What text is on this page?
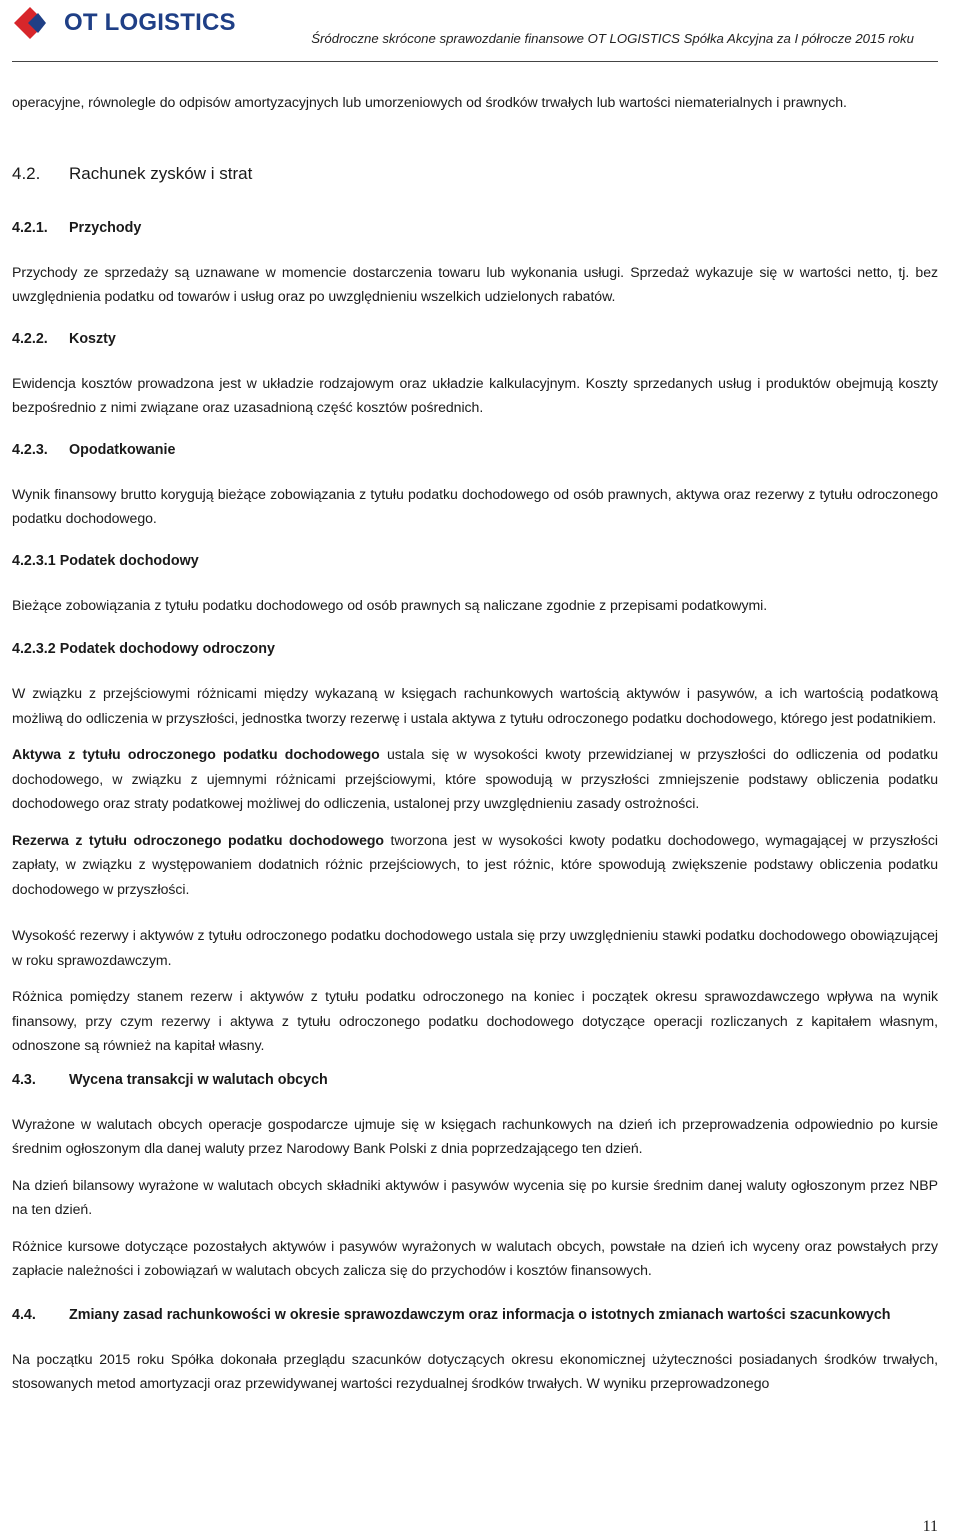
OT LOGISTICS
Śródroczne skrócone sprawozdanie finansowe OT LOGISTICS Spółka Akcyjna za I półrocze 2015 roku

operacyjne, równolegle do odpisów amortyzacyjnych lub umorzeniowych od środków trwałych lub wartości niematerialnych i prawnych.

4.2. Rachunek zysków i strat
4.2.1. Przychody

Przychody ze sprzedaży są uznawane w momencie dostarczenia towaru lub wykonania usługi. Sprzedaż wykazuje się w wartości netto, tj. bez uwzględnienia podatku od towarów i usług oraz po uwzględnieniu wszelkich udzielonych rabatów.

4.2.2. Koszty

Ewidencja kosztów prowadzona jest w układzie rodzajowym oraz układzie kalkulacyjnym. Koszty sprzedanych usług i produktów obejmują koszty bezpośrednio z nimi związane oraz uzasadnioną część kosztów pośrednich.

4.2.3. Opodatkowanie

Wynik finansowy brutto korygują bieżące zobowiązania z tytułu podatku dochodowego od osób prawnych, aktywa oraz rezerwy z tytułu odroczonego podatku dochodowego.

4.2.3.1 Podatek dochodowy

Bieżące zobowiązania z tytułu podatku dochodowego od osób prawnych są naliczane zgodnie z przepisami podatkowymi.

4.2.3.2 Podatek dochodowy odroczony

W związku z przejściowymi różnicami między wykazaną w księgach rachunkowych wartością aktywów i pasywów, a ich wartością podatkową możliwą do odliczenia w przyszłości, jednostka tworzy rezerwę i ustala aktywa z tytułu odroczonego podatku dochodowego, którego jest podatnikiem.

Aktywa z tytułu odroczonego podatku dochodowego ustala się w wysokości kwoty przewidzianej w przyszłości do odliczenia od podatku dochodowego, w związku z ujemnymi różnicami przejściowymi, które spowodują w przyszłości zmniejszenie podstawy obliczenia podatku dochodowego oraz straty podatkowej możliwej do odliczenia, ustalonej przy uwzględnieniu zasady ostrożności.

Rezerwa z tytułu odroczonego podatku dochodowego tworzona jest w wysokości kwoty podatku dochodowego, wymagającej w przyszłości zapłaty, w związku z występowaniem dodatnich różnic przejściowych, to jest różnic, które spowodują zwiększenie podstawy obliczenia podatku dochodowego w przyszłości.

Wysokość rezerwy i aktywów z tytułu odroczonego podatku dochodowego ustala się przy uwzględnieniu stawki podatku dochodowego obowiązującej w roku sprawozdawczym.

Różnica pomiędzy stanem rezerw i aktywów z tytułu podatku odroczonego na koniec i początek okresu sprawozdawczego wpływa na wynik finansowy, przy czym rezerwy i aktywa z tytułu odroczonego podatku dochodowego dotyczące operacji rozliczanych z kapitałem własnym, odnoszone są również na kapitał własny.

4.3. Wycena transakcji w walutach obcych

Wyrażone w walutach obcych operacje gospodarcze ujmuje się w księgach rachunkowych na dzień ich przeprowadzenia odpowiednio po kursie średnim ogłoszonym dla danej waluty przez Narodowy Bank Polski z dnia poprzedzającego ten dzień.

Na dzień bilansowy wyrażone w walutach obcych składniki aktywów i pasywów wycenia się po kursie średnim danej waluty ogłoszonym przez NBP na ten dzień.

Różnice kursowe dotyczące pozostałych aktywów i pasywów wyrażonych w walutach obcych, powstałe na dzień ich wyceny oraz powstałych przy zapłacie należności i zobowiązań w walutach obcych zalicza się do przychodów i kosztów finansowych.

4.4. Zmiany zasad rachunkowości w okresie sprawozdawczym oraz informacja o istotnych zmianach wartości szacunkowych

Na początku 2015 roku Spółka dokonała przeglądu szacunków dotyczących okresu ekonomicznej użyteczności posiadanych środków trwałych, stosowanych metod amortyzacji oraz przewidywanej wartości rezydualnej środków trwałych. W wyniku przeprowadzonego

11
